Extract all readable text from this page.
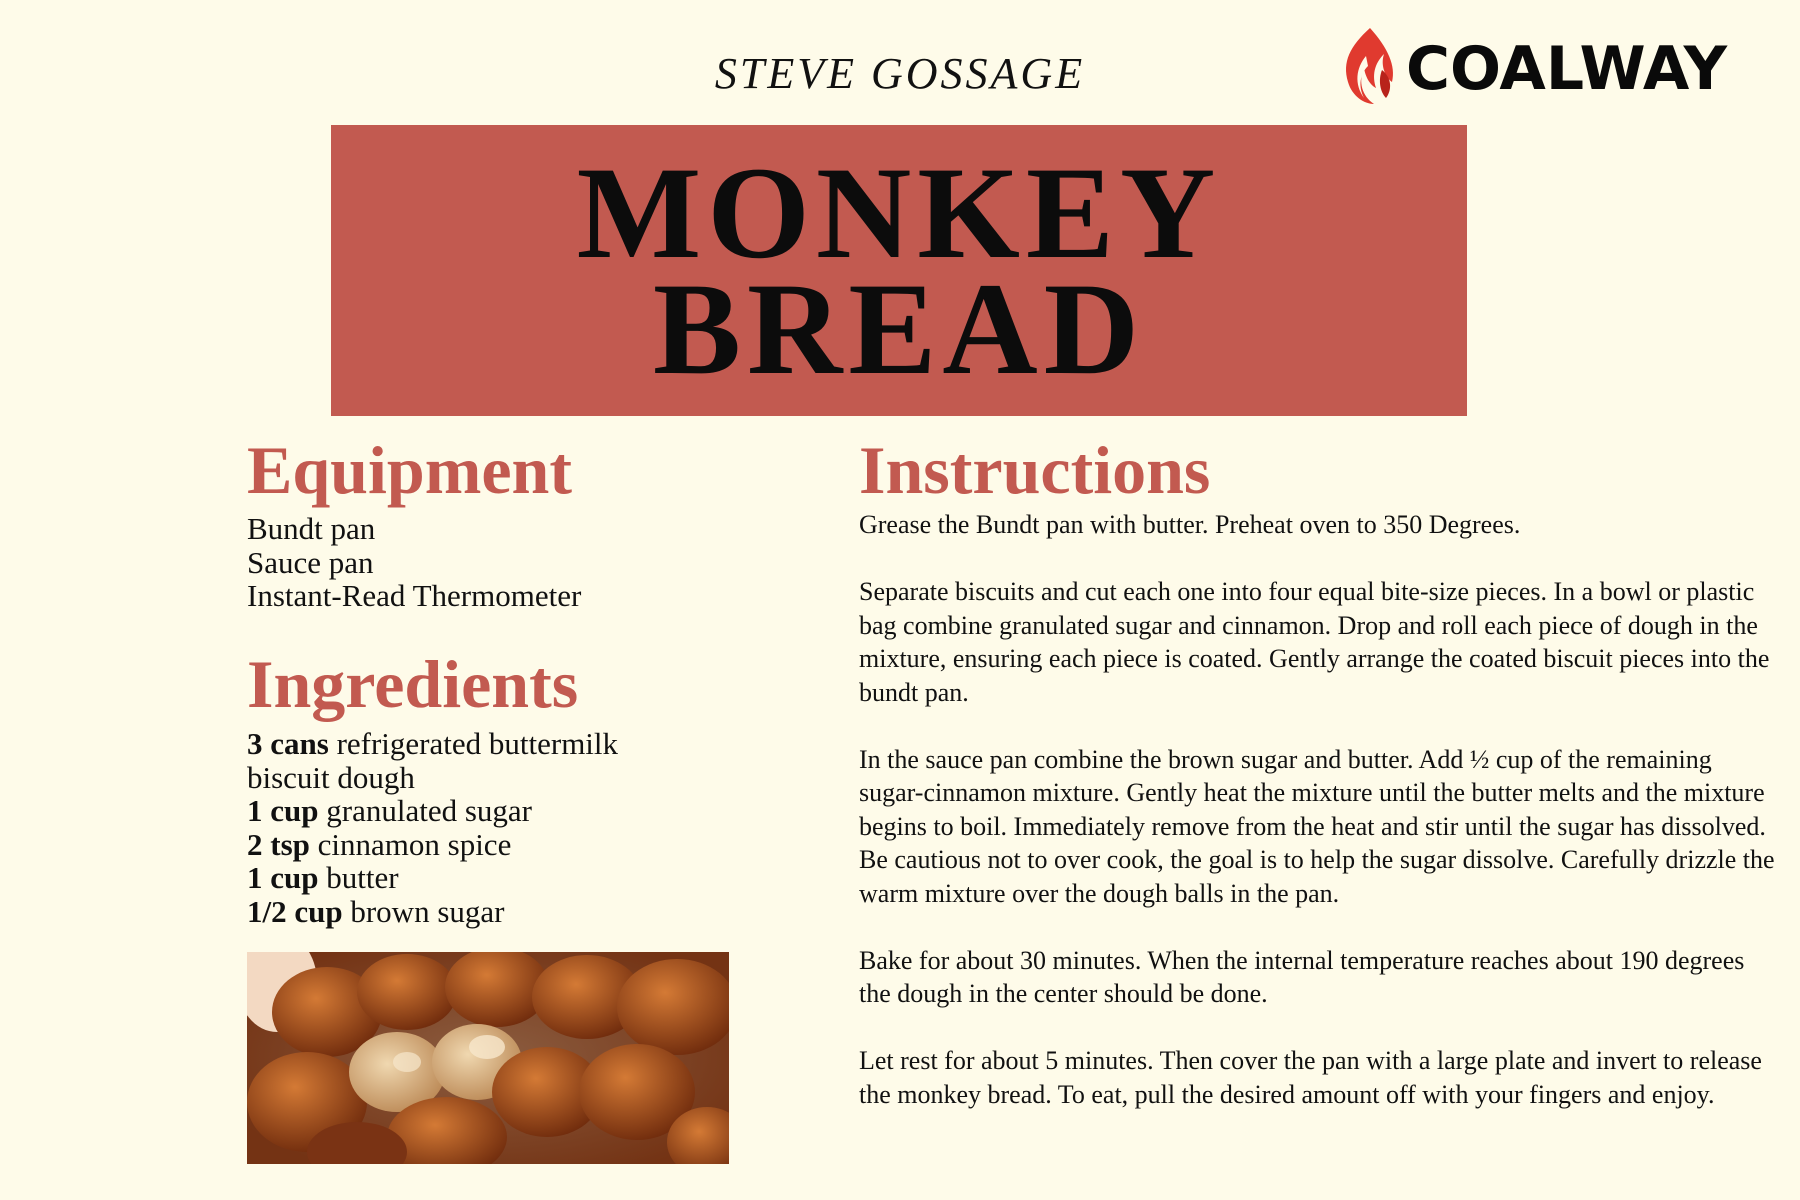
STEVE GOSSAGE	COALWAY
MONKEY
BREAD
Equipment
Bundt pan
Sauce pan
Instant-Read Thermometer
Ingredients
3 cans refrigerated buttermilk
biscuit dough
1 cup granulated sugar
2 tsp cinnamon spice
1 cup butter
1/2 cup brown sugar
Instructions

Grease the Bundt pan with butter. Preheat oven to 350 Degrees.

Separate biscuits and cut each one into four equal bite-size pieces. In a bowl or plastic bag combine granulated sugar and cinnamon. Drop and roll each piece of dough in the mixture, ensuring each piece is coated. Gently arrange the coated biscuit pieces into the bundt pan.

In the sauce pan combine the brown sugar and butter. Add ½ cup of the remaining sugar-cinnamon mixture. Gently heat the mixture until the butter melts and the mixture begins to boil. Immediately remove from the heat and stir until the sugar has dissolved. Be cautious not to over cook, the goal is to help the sugar dissolve. Carefully drizzle the warm mixture over the dough balls in the pan.

Bake for about 30 minutes. When the internal temperature reaches about 190 degrees the dough in the center should be done.

Let rest for about 5 minutes. Then cover the pan with a large plate and invert to release the monkey bread. To eat, pull the desired amount off with your fingers and enjoy.
